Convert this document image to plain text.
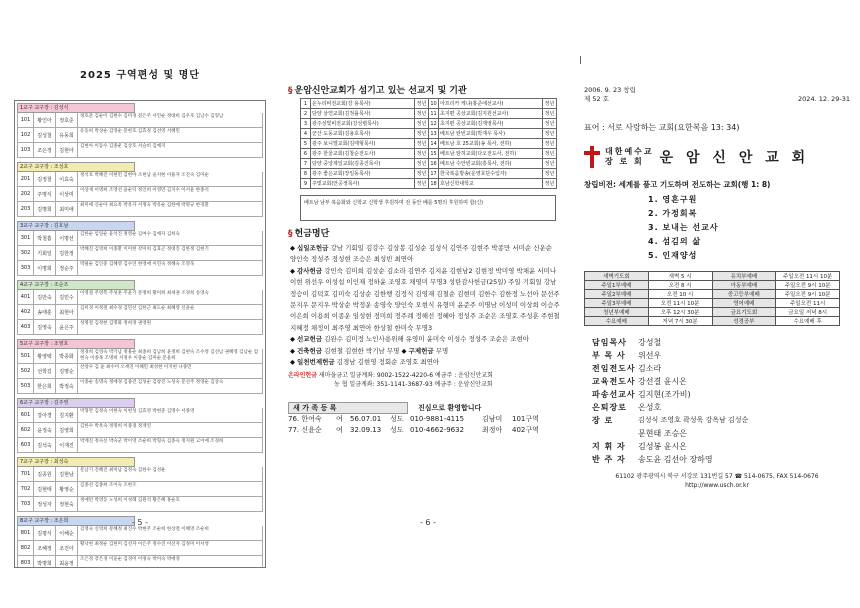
2025 구역편성 및 명단
1교구 교구장 : 김성식
101	황인아	정호준
정호준 김순이 김현수 김미경 전은주 서민순 정대희 김우호 김남수 김형남
102	김성철	유동희
유동희 박상순 김영순 문현호 김효정 김선영 서혜민
103	조은정	김현아
김현아 이동수 김종운 김상호 서슬비 김예지
2교구 교구장 : 조성호
201	김정철	이효숙
정석호 박혜진 이현민 김현아 조현남 윤지현 이용자 조진숙 김미순
202	주명식	이상미
이상재 이명희 조영선 윤순덕 정인희 이영민 김지수 이서윤 한종석
203	김명희	최미애
최미애 신순아 최요옥 박옥자 서정숙 박유순 김한예 박명규 한경환
3교구 교구장 : 김호남
301	박철흠	이명선
김한순 임일순 윤석진 정영순 김여수 김애자 김희숙
302	기회일	김한정
박혜진 김영희 이종환 이미현 강미희 김효곤 정대진 김한정 김현기
303	이명희	정순주
박필순 김인중 김혜영 김수연 한영애 이민숙 정혜숙 조영욱
4교구 교구장 : 조순조
401	김만숙	김민수
이영철 주영복 주성훈 주윤기 문명희 황미희 최세권 조경희 송영숙
402	송태훈	최현아
김미경 이정철 최수경 김민선 김한근 최도순 최혜영 신윤순
403	김영숙	윤은주
성명철 김정현 김명화 정희경 권영원
5교구 교구장 : 조영호
501	황영택	박종화
정경희 김영숙 박기남 정용순 최종희 김남희 윤정희 김현숙 조수영 김선남 권혜영 김남순 엄현숙 이종목 조명희 서정우 이충순 김미순 문윤희
502	선학길	김명순
선창수 김 윤 최수미 오세연 이해민 최성현 이지현 나종민
503	한은희	박정숙
이종순 송명숙 정애경 김종진 김성순 김창진 노성숙 문선주 정영순 김상숙
6교구 교구장 : 김주영
601	강아경	김지환
박형만 김정숙 이현숙 이현성 김효영 박현준 김명수 서종영
602	윤정숙	김영희
김한수 박옥숙 정명희 이종경 정재연
603	김석숙	이재진
박계진 정숙선 박숙군 박이영 조순희 박형숙 김종숙 정지원 고이예 조경희
7교구 교구장 : 최성숙
701	김종원	김현남
문남기 진혜진 최미남 김정숙 김한수 김성운
702	김현태	황영순
김종선 김종희 조이숙 조현조
703	정성자	정현숙
정예빈 박영동 노성희 이성례 김원석 황은혜 홍순호
8교구 교구장 : 조은희
801	김평식	이해순
김영숙 신영희 문혜정 최진수 박현주 조순희 한상철 이혜영 조순희
802	조혜정	조진아
황낙현 최정순 김현미 김선자 이은주 정수진 이선자 김정미 이서영
803	박명희	최윤정
조은정 강은경 이윤순 김경미 이정숙 박미숙 박애경
- 5 -
§ 운암신안교회가 섬기고 있는 선교지 및 기관
1	온누리비전교회(강 용목사)	정년	10	아프리카 케냐(홍준애선교사)	정년
2	담양 삼연교회(김정률목사)	정년	11	초지편 공상교회(김지원선교사)	정년
3	광주성빛비전교회(강성렬목사)	정년	12	초지편 공상교회(김재영목사)	정년
4	군산 도동교회(김용호목사)	정년	13	베트남 탄빈교회(박재우 목사)	정년
5	광주 보니엘교회(김태형목사)	정년	14	베트남 호 25교회(송 목사, 전하)	정년
6	광주 한울교회(김창순전도사)	정년	15	베트남 탄허교회(다오전도사, 전하)	정년
7	담양 중앙제일교회(김종진목사)	정년	16	베트남 수안빈교회(흥목사, 전하)	정년
8	광주 좋은교회(장일동목사)	정년	17	한국복음방송(운영호단수입자)	정년
9	주빛교회(안공정목사)	정년	18	호남신학대학교	정년
베트남 남부 복음화와 신학교 신학생 후원하며 전 동안 베를 5명의 후원하며 함(신)
§ 헌금명단
◆ 십일조헌금 강남 기회일 김강수 김상봉 김성순 김성식 김연주 김현주 박종만 서미순 신운순 양인숙 정성주 정성현 조승은 최성빈 최연아
◆ 감사헌금 강민숙 김미희 김상순 김소라 김연주 김지윤 김현남2 김현정 박미영 박채윤 서미나 이현 위선우 이성섭 이인재 정하윤 조영호 채영미 무명3 성탄감사헌금(25일) 주일 기회일 강남 정승이 김덕호 김미숙 김상순 김한행 김정식 김영재 김철순 김현미 김한수 김한정 노선아 문선주 문지우 문지우 박상순 박정운 송영숙 양인숙 오현식 유형미 윤준주 이명남 이성미 이상희 이승주 이은희 이용희 이종운 임성현 정미희 정주례 정해선 정혜아 정성주 조순은 조영호 주성훈 주현철 지혜정 채정이 최주영 최연아 한상철 한미숙 무명3
◆ 선교헌금 김완수 김미정 노인사용위해 유영미 윤미숙 이성수 정성주 조순은 조현아
◆ 건축헌금 김현철 김현한 박기남 무명 ◆ 구제헌금 무명
◆ 일천번제헌금 김경남 김현영 정회순 조영호 최연아
온라인헌금 새마을금고 일금계좌: 9002-1522-4220-6 예금주 : 운암신안교회
농 협 일금계좌: 351-1141-3687-93 예금주 : 운암신안교회
새 가 족 등 록	진심으로 환영합니다
76. 한여숙	여	56.07.01	성도 010-9881-4115	김남미	101구역
77. 신윤순	여	32.09.13	성도 010-4662-9632	최정아	402구역
- 6 -
2006. 9. 23 창립
제 52 호	2024. 12. 29-31
표어 : 서로 사랑하는 교회(요한복음 13: 34)
대한예수교
장 로 회	운 암 신 안 교 회
창립비전: 세계를 품고 기도하며 전도하는 교회(행 1: 8)
1. 영혼구원
2. 가정회복
3. 보내는 선교사
4. 섬김의 삶
5. 인재양성
새벽기도회	새벽 5 시	유치부예배	주일오전 11시 10분
주일1부예배	오전 8 시	아동부예배	주일오전 9시 10분
주일2부예배	오전 10 시	중고등부예배	주일오전 9시 10분
주일3부예배	오전 11시 10분	영어예배	주일오전 11시
청년부예배	오후 12시 30분	금요기도회	금요일 저녁 8시
수요예배	저녁 7시 30분	성경공부	수요예배 후
담임목사	강성철
부 목 사	위선우
전임전도사 김소라
교육전도사 강선결 윤시온
파송선교사 김지현(조가비)
은퇴장로	온성호
장 로	김성식 조영호 곽성욱 강옥남 김성순
문현태 조승은
지 휘 자	김성봉 윤시온
반 주 자	송도윤 김선아 장하영
61102 광주광역시 북구 서강로 131번길 57 ☎ 514-0675, FAX 514-0676
http://www.usch.or.kr
